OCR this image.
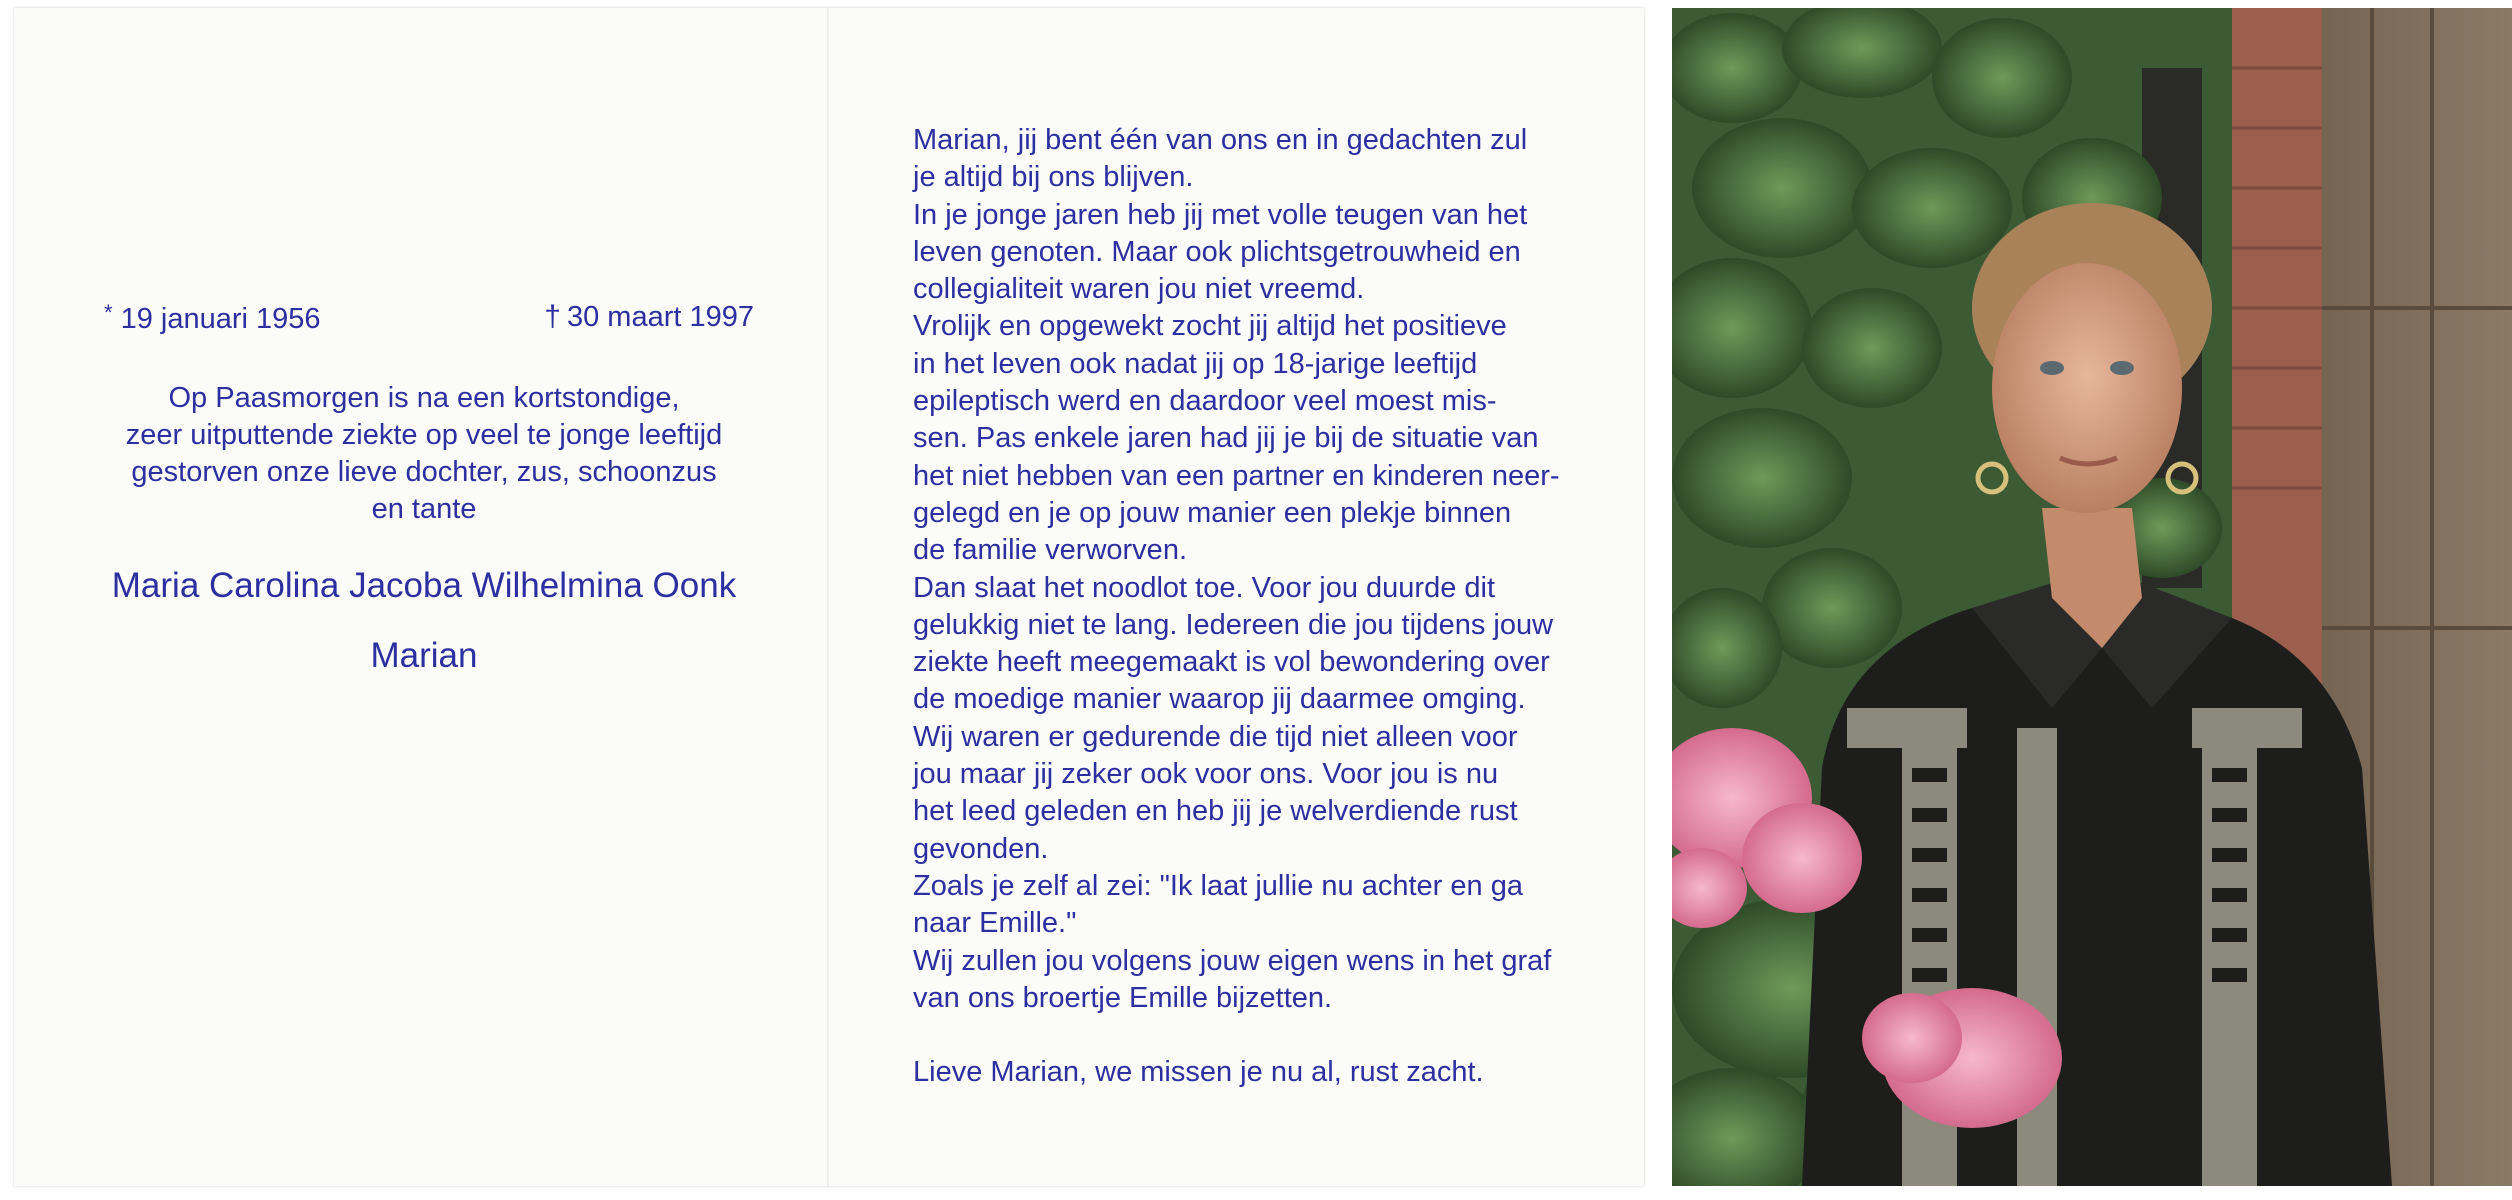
* 19 januari 1956	† 30 maart 1997
Op Paasmorgen is na een kortstondige,
zeer uitputtende ziekte op veel te jonge leeftijd
gestorven onze lieve dochter, zus, schoonzus
en tante
Maria Carolina Jacoba Wilhelmina Oonk
Marian
Marian, jij bent één van ons en in gedachten zul
je altijd bij ons blijven.
In je jonge jaren heb jij met volle teugen van het
leven genoten. Maar ook plichtsgetrouwheid en
collegialiteit waren jou niet vreemd.
Vrolijk en opgewekt zocht jij altijd het positieve
in het leven ook nadat jij op 18-jarige leeftijd
epileptisch werd en daardoor veel moest mis-
sen. Pas enkele jaren had jij je bij de situatie van
het niet hebben van een partner en kinderen neer-
gelegd en je op jouw manier een plekje binnen
de familie verworven.
Dan slaat het noodlot toe. Voor jou duurde dit
gelukkig niet te lang. Iedereen die jou tijdens jouw
ziekte heeft meegemaakt is vol bewondering over
de moedige manier waarop jij daarmee omging.
Wij waren er gedurende die tijd niet alleen voor
jou maar jij zeker ook voor ons. Voor jou is nu
het leed geleden en heb jij je welverdiende rust
gevonden.
Zoals je zelf al zei: "Ik laat jullie nu achter en ga
naar Emille."
Wij zullen jou volgens jouw eigen wens in het graf
van ons broertje Emille bijzetten.
Lieve Marian, we missen je nu al, rust zacht.
